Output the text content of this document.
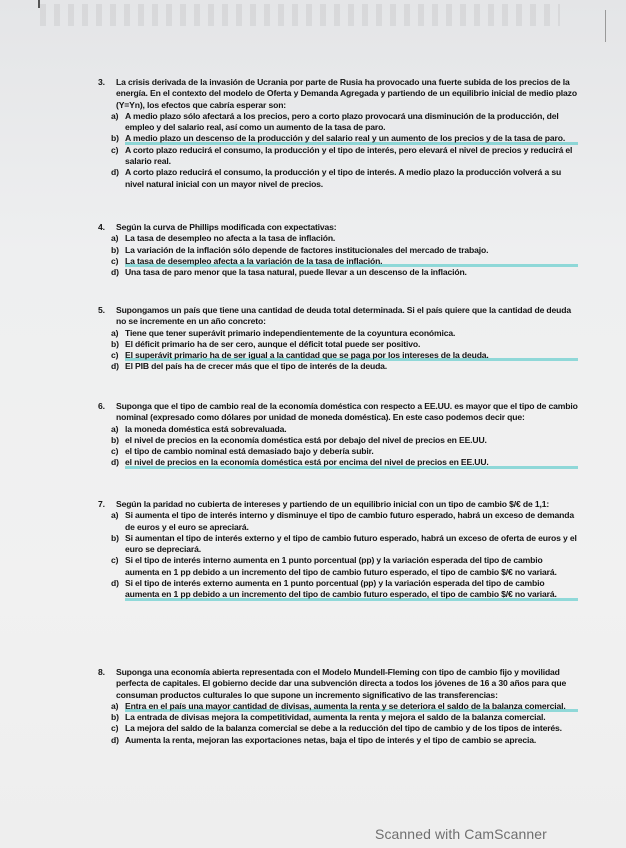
3.	La crisis derivada de la invasión de Ucrania por parte de Rusia ha provocado una fuerte subida de los precios de la energía. En el contexto del modelo de Oferta y Demanda Agregada y partiendo de un equilibrio inicial de medio plazo (Y=Yn), los efectos que cabría esperar son:
a) A medio plazo sólo afectará a los precios, pero a corto plazo provocará una disminución de la producción, del empleo y del salario real, así como un aumento de la tasa de paro.
b) A medio plazo un descenso de la producción y del salario real y un aumento de los precios y de la tasa de paro.
c) A corto plazo reducirá el consumo, la producción y el tipo de interés, pero elevará el nivel de precios y reducirá el salario real.
d) A corto plazo reducirá el consumo, la producción y el tipo de interés. A medio plazo la producción volverá a su nivel natural inicial con un mayor nivel de precios.
4.	Según la curva de Phillips modificada con expectativas:
a) La tasa de desempleo no afecta a la tasa de inflación.
b) La variación de la inflación sólo depende de factores institucionales del mercado de trabajo.
c) La tasa de desempleo afecta a la variación de la tasa de inflación.
d) Una tasa de paro menor que la tasa natural, puede llevar a un descenso de la inflación.
5.	Supongamos un país que tiene una cantidad de deuda total determinada. Si el país quiere que la cantidad de deuda no se incremente en un año concreto:
a) Tiene que tener superávit primario independientemente de la coyuntura económica.
b) El déficit primario ha de ser cero, aunque el déficit total puede ser positivo.
c) El superávit primario ha de ser igual a la cantidad que se paga por los intereses de la deuda.
d) El PIB del país ha de crecer más que el tipo de interés de la deuda.
6.	Suponga que el tipo de cambio real de la economía doméstica con respecto a EE.UU. es mayor que el tipo de cambio nominal (expresado como dólares por unidad de moneda doméstica). En este caso podemos decir que:
a) la moneda doméstica está sobrevaluada.
b) el nivel de precios en la economía doméstica está por debajo del nivel de precios en EE.UU.
c) el tipo de cambio nominal está demasiado bajo y debería subir.
d) el nivel de precios en la economía doméstica está por encima del nivel de precios en EE.UU.
7.	Según la paridad no cubierta de intereses y partiendo de un equilibrio inicial con un tipo de cambio $/€ de 1,1:
a) Si aumenta el tipo de interés interno y disminuye el tipo de cambio futuro esperado, habrá un exceso de demanda de euros y el euro se apreciará.
b) Si aumentan el tipo de interés externo y el tipo de cambio futuro esperado, habrá un exceso de oferta de euros y el euro se depreciará.
c) Si el tipo de interés interno aumenta en 1 punto porcentual (pp) y la variación esperada del tipo de cambio aumenta en 1 pp debido a un incremento del tipo de cambio futuro esperado, el tipo de cambio $/€ no variará.
d) Si el tipo de interés externo aumenta en 1 punto porcentual (pp) y la variación esperada del tipo de cambio aumenta en 1 pp debido a un incremento del tipo de cambio futuro esperado, el tipo de cambio $/€ no variará.
8.	Suponga una economía abierta representada con el Modelo Mundell-Fleming con tipo de cambio fijo y movilidad perfecta de capitales. El gobierno decide dar una subvención directa a todos los jóvenes de 16 a 30 años para que consuman productos culturales lo que supone un incremento significativo de las transferencias:
a) Entra en el país una mayor cantidad de divisas, aumenta la renta y se deteriora el saldo de la balanza comercial.
b) La entrada de divisas mejora la competitividad, aumenta la renta y mejora el saldo de la balanza comercial.
c) La mejora del saldo de la balanza comercial se debe a la reducción del tipo de cambio y de los tipos de interés.
d) Aumenta la renta, mejoran las exportaciones netas, baja el tipo de interés y el tipo de cambio se aprecia.
Scanned with CamScanner
